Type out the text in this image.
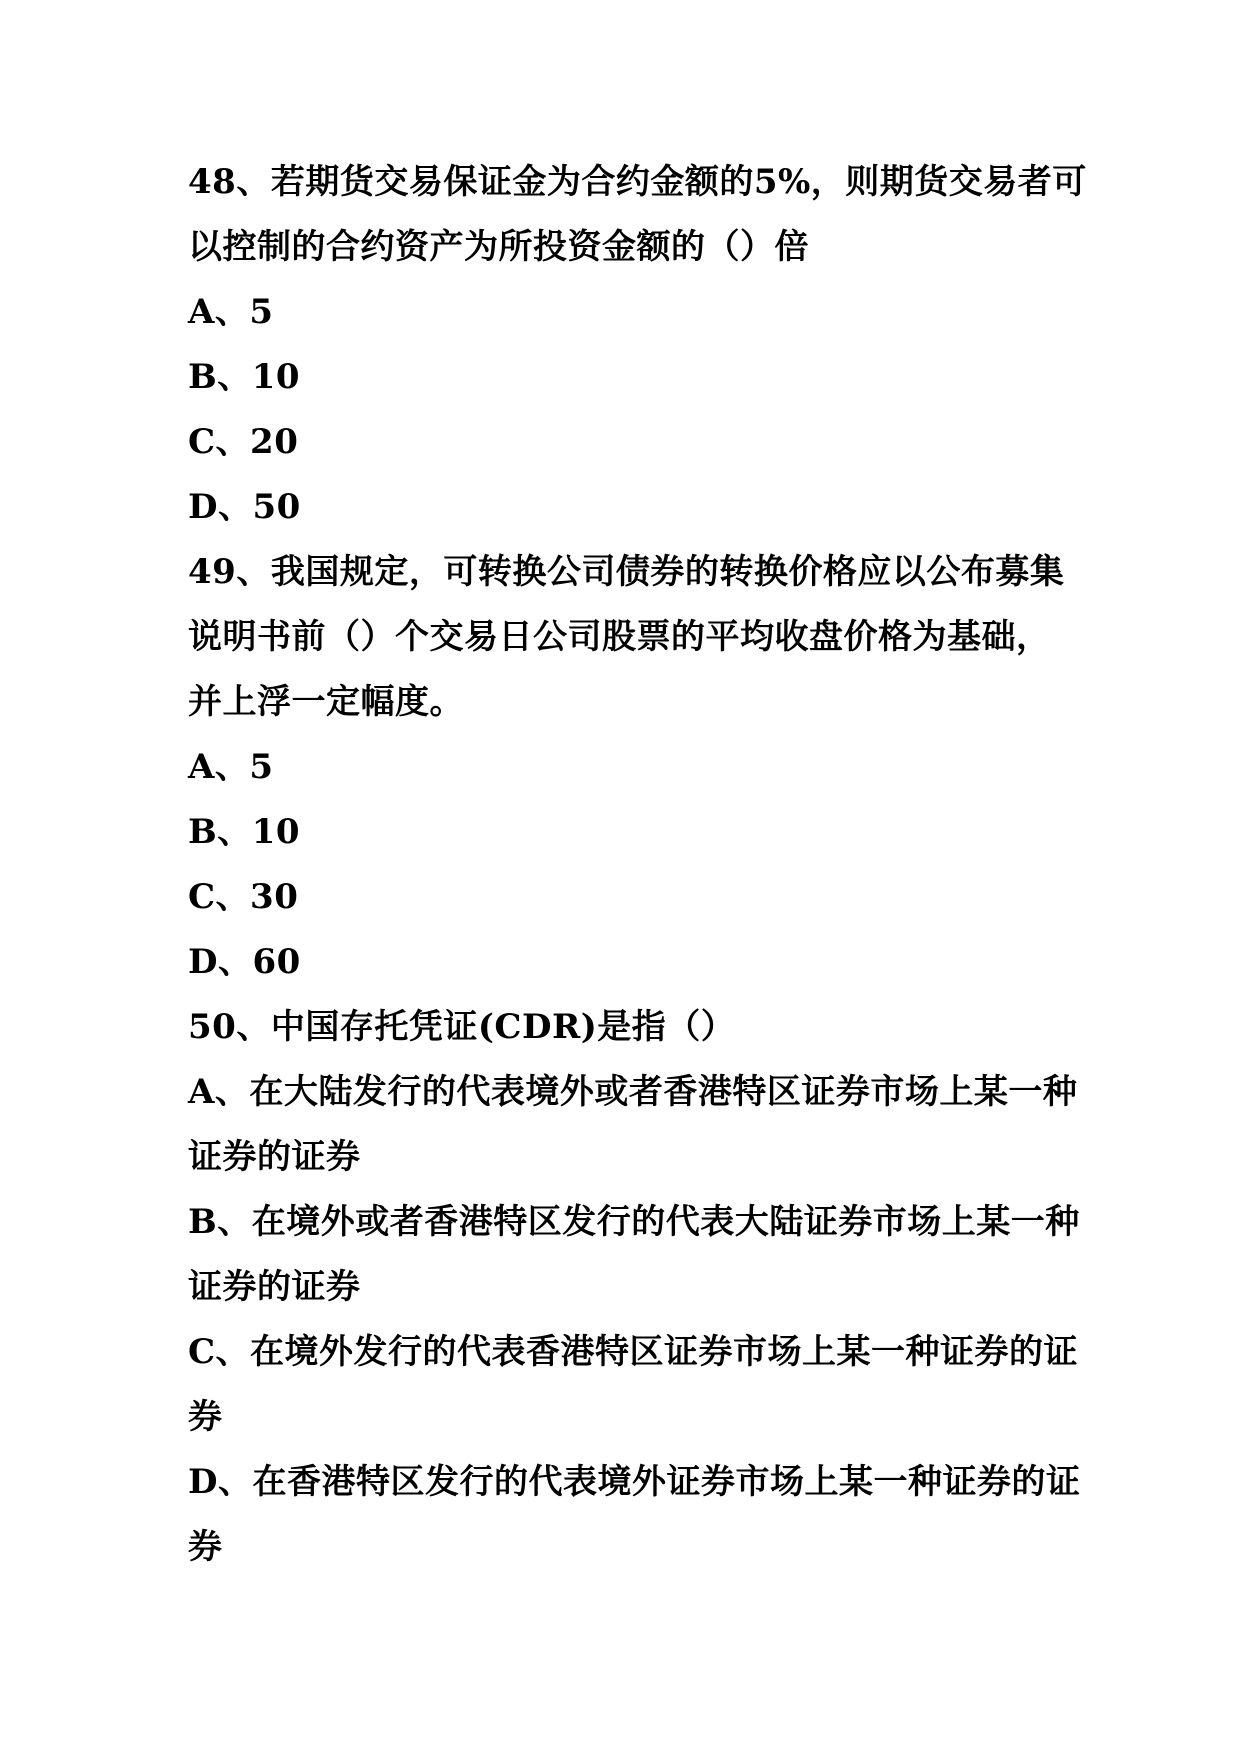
48、若期货交易保证金为合约金额的5%，则期货交易者可
以控制的合约资产为所投资金额的（）倍
A、5
B、10
C、20
D、50
49、我国规定，可转换公司债券的转换价格应以公布募集
说明书前（）个交易日公司股票的平均收盘价格为基础，
并上浮一定幅度。
A、5
B、10
C、30
D、60
50、中国存托凭证(CDR)是指（）
A、在大陆发行的代表境外或者香港特区证券市场上某一种
证券的证券
B、在境外或者香港特区发行的代表大陆证券市场上某一种
证券的证券
C、在境外发行的代表香港特区证券市场上某一种证券的证
券
D、在香港特区发行的代表境外证券市场上某一种证券的证
券
